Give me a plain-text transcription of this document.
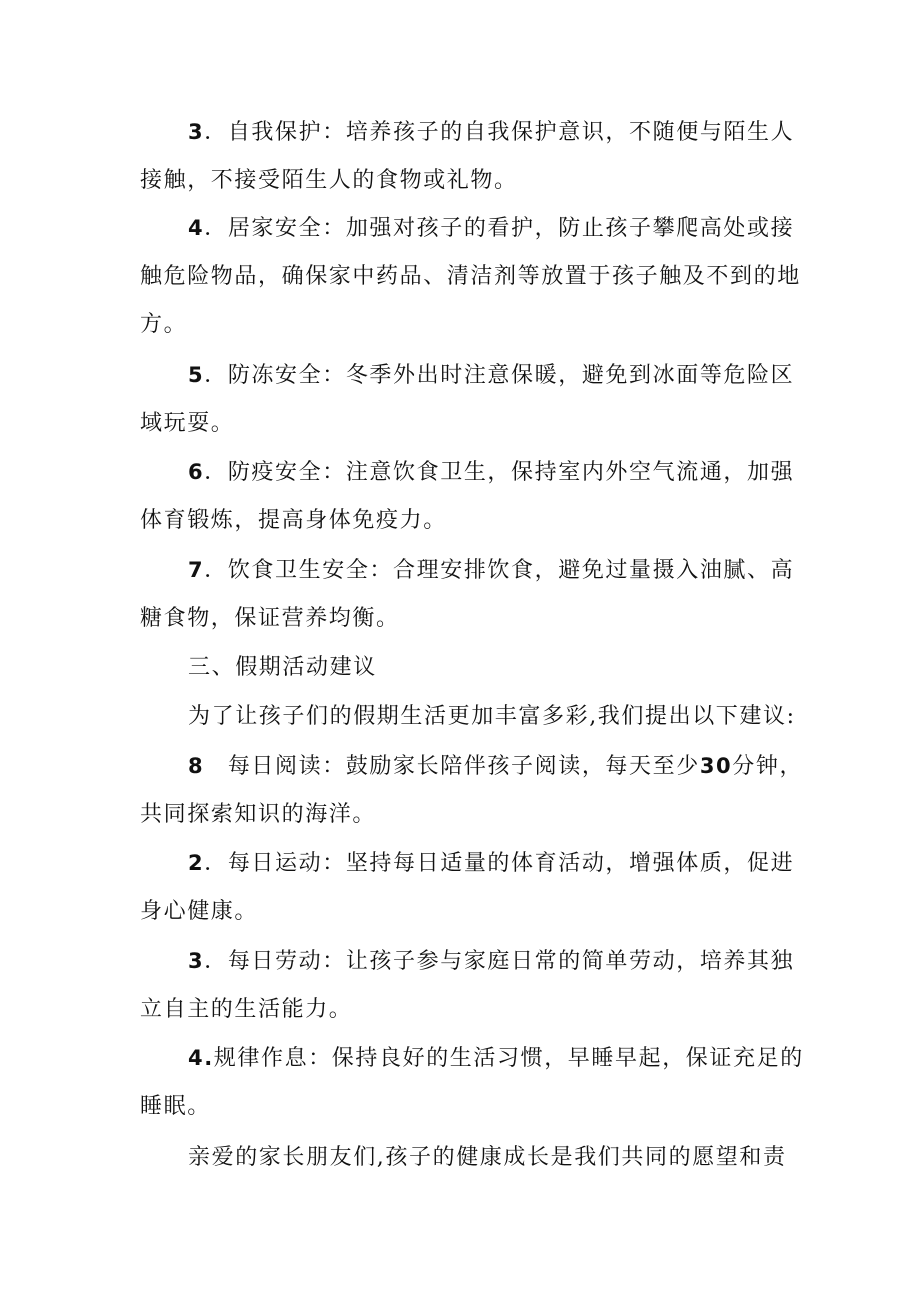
3．自我保护：培养孩子的自我保护意识，不随便与陌生人
接触，不接受陌生人的食物或礼物。

4．居家安全：加强对孩子的看护，防止孩子攀爬高处或接
触危险物品，确保家中药品、清洁剂等放置于孩子触及不到的地
方。

5．防冻安全：冬季外出时注意保暖，避免到冰面等危险区
域玩耍。

6．防疫安全：注意饮食卫生，保持室内外空气流通，加强
体育锻炼，提高身体免疫力。

7．饮食卫生安全：合理安排饮食，避免过量摄入油腻、高
糖食物，保证营养均衡。

三、假期活动建议

为了让孩子们的假期生活更加丰富多彩,我们提出以下建议:

8　每日阅读：鼓励家长陪伴孩子阅读，每天至少30分钟，
共同探索知识的海洋。

2．每日运动：坚持每日适量的体育活动，增强体质，促进
身心健康。

3．每日劳动：让孩子参与家庭日常的简单劳动，培养其独
立自主的生活能力。

4.规律作息：保持良好的生活习惯，早睡早起，保证充足的
睡眠。

亲爱的家长朋友们,孩子的健康成长是我们共同的愿望和责
